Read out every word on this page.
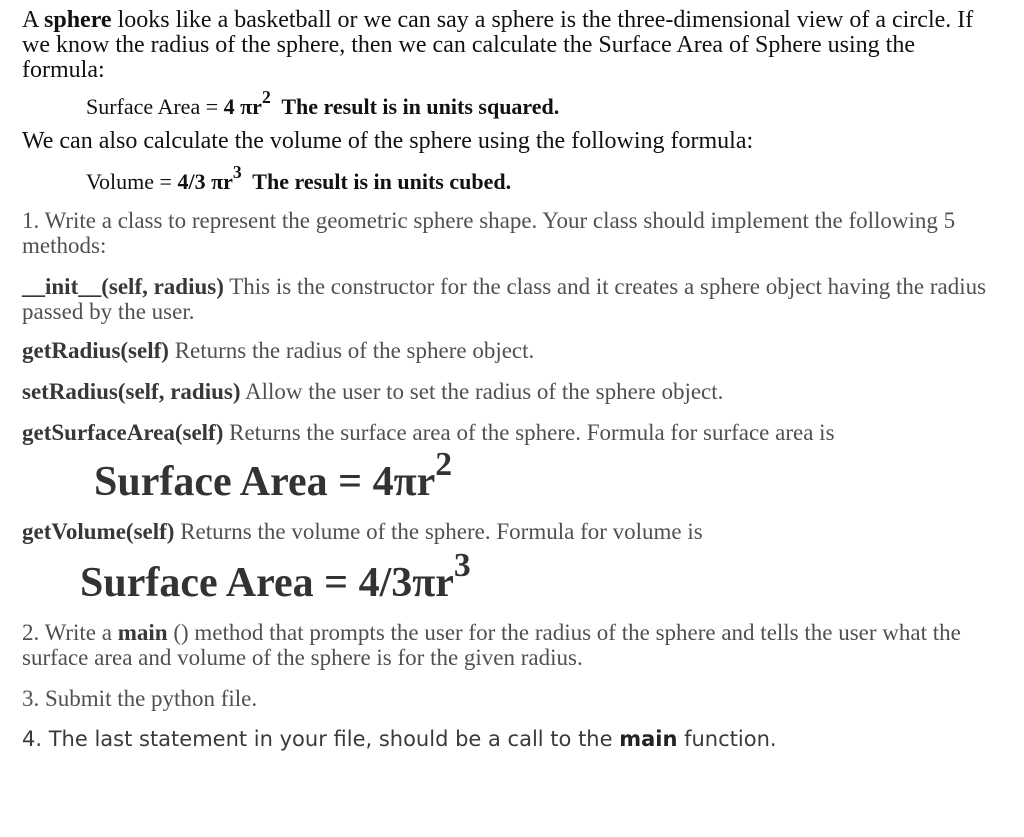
A sphere looks like a basketball or we can say a sphere is the three-dimensional view of a circle. If we know the radius of the sphere, then we can calculate the Surface Area of Sphere using the formula:

Surface Area = 4 $\pi r^2$ The result is in units squared.

We can also calculate the volume of the sphere using the following formula:

Volume = 4/3 $\pi r^3$ The result is in units cubed.

1. Write a class to represent the geometric sphere shape. Your class should implement the following 5 methods:

__init__(self, radius) This is the constructor for the class and it creates a sphere object having the radius passed by the user.

getRadius(self) Returns the radius of the sphere object.

setRadius(self, radius) Allow the user to set the radius of the sphere object.

getSurfaceArea(self) Returns the surface area of the sphere. Formula for surface area is

Surface Area = $4\pi r^2$

getVolume(self) Returns the volume of the sphere. Formula for volume is

Surface Area = $4/3\pi r^3$

2. Write a main () method that prompts the user for the radius of the sphere and tells the user what the surface area and volume of the sphere is for the given radius.

3. Submit the python file.

4. The last statement in your file, should be a call to the main function.
